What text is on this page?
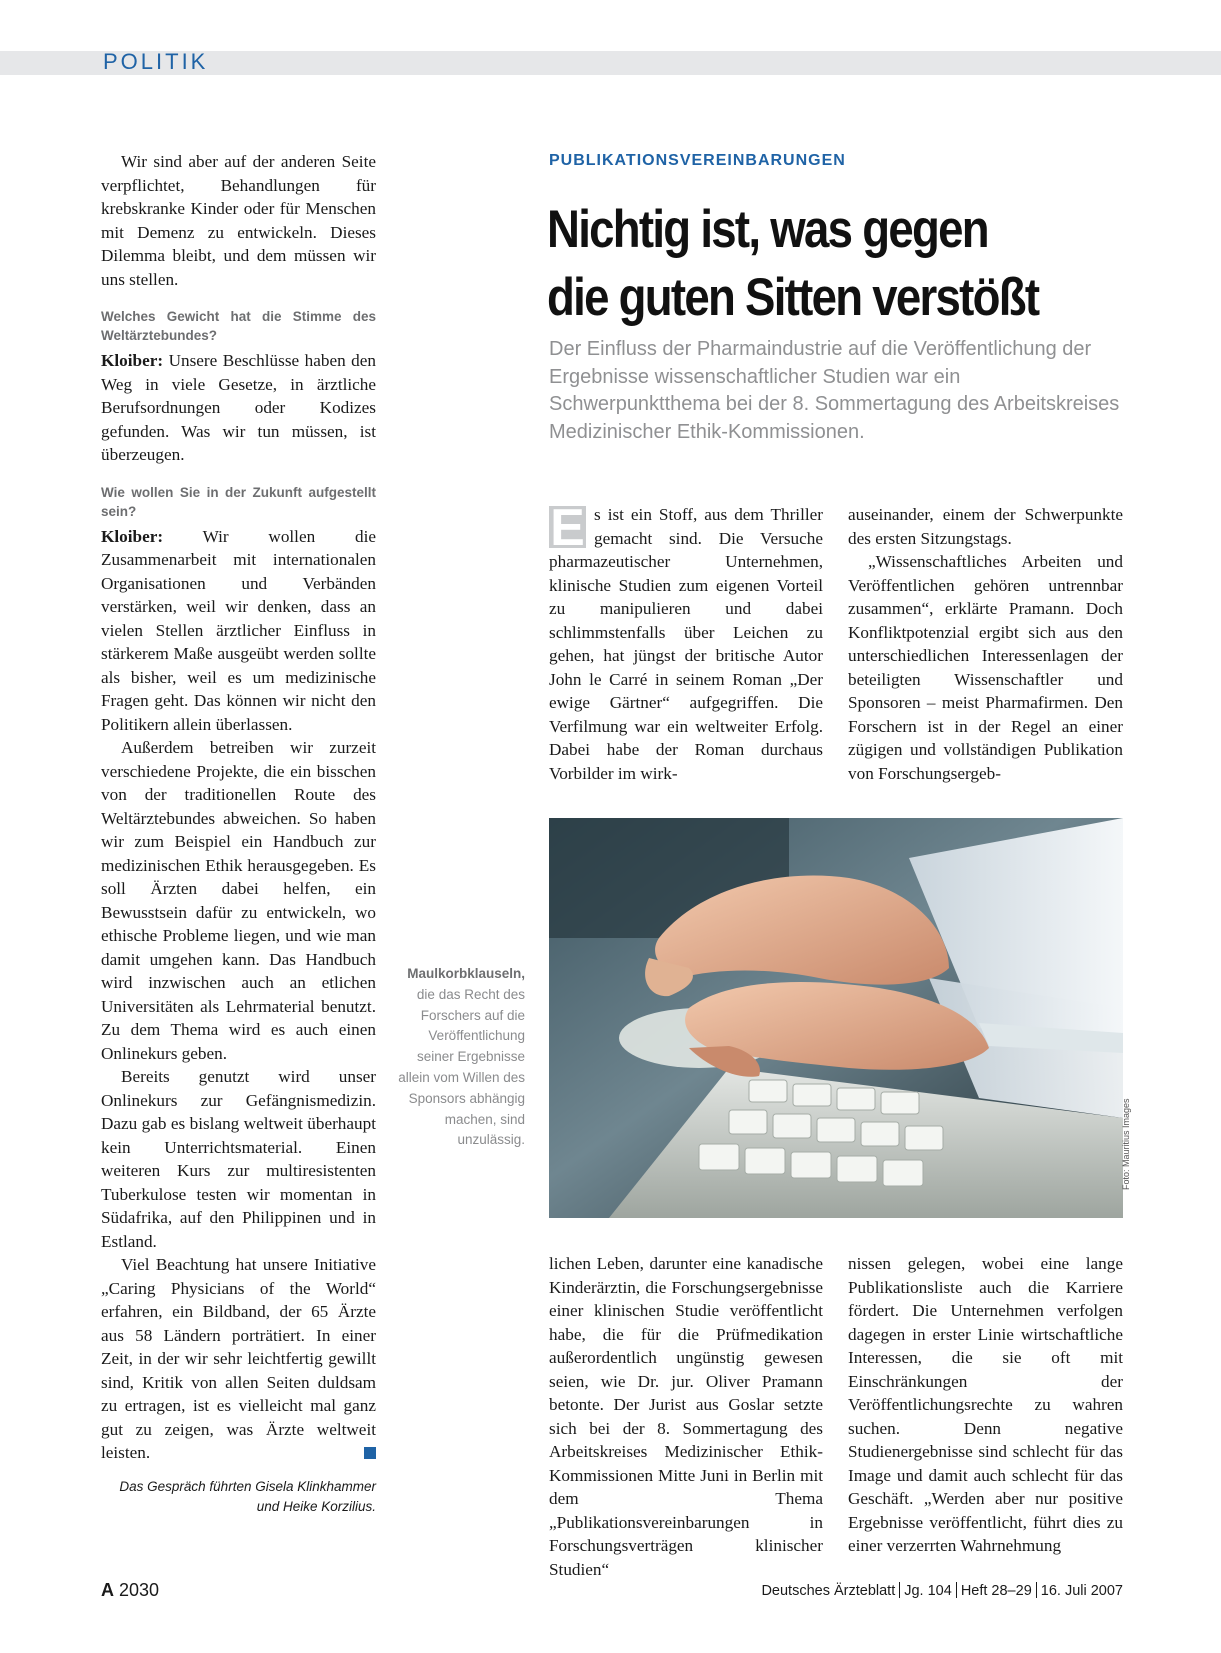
POLITIK

Wir sind aber auf der anderen Seite verpflichtet, Behandlungen für krebskranke Kinder oder für Menschen mit Demenz zu entwickeln. Dieses Dilemma bleibt, und dem müssen wir uns stellen.

Welches Gewicht hat die Stimme des Weltärztebundes?

Kloiber: Unsere Beschlüsse haben den Weg in viele Gesetze, in ärztliche Berufsordnungen oder Kodizes gefunden. Was wir tun müssen, ist überzeugen.

Wie wollen Sie in der Zukunft aufgestellt sein?

Kloiber: Wir wollen die Zusammenarbeit mit internationalen Organisationen und Verbänden verstärken, weil wir denken, dass an vielen Stellen ärztlicher Einfluss in stärkerem Maße ausgeübt werden sollte als bisher, weil es um medizinische Fragen geht. Das können wir nicht den Politikern allein überlassen.

Außerdem betreiben wir zurzeit verschiedene Projekte, die ein bisschen von der traditionellen Route des Weltärztebundes abweichen. So haben wir zum Beispiel ein Handbuch zur medizinischen Ethik herausgegeben. Es soll Ärzten dabei helfen, ein Bewusstsein dafür zu entwickeln, wo ethische Probleme liegen, und wie man damit umgehen kann. Das Handbuch wird inzwischen auch an etlichen Universitäten als Lehrmaterial benutzt. Zu dem Thema wird es auch einen Onlinekurs geben.

Bereits genutzt wird unser Onlinekurs zur Gefängnismedizin. Dazu gab es bislang weltweit überhaupt kein Unterrichtsmaterial. Einen weiteren Kurs zur multiresistenten Tuberkulose testen wir momentan in Südafrika, auf den Philippinen und in Estland.

Viel Beachtung hat unsere Initiative „Caring Physicians of the World“ erfahren, ein Bildband, der 65 Ärzte aus 58 Ländern porträtiert. In einer Zeit, in der wir sehr leichtfertig gewillt sind, Kritik von allen Seiten duldsam zu ertragen, ist es vielleicht mal ganz gut zu zeigen, was Ärzte weltweit leisten.

Das Gespräch führten Gisela Klinkhammer
und Heike Korzilius.
PUBLIKATIONSVEREINBARUNGEN
Nichtig ist, was gegen
die guten Sitten verstößt

Der Einfluss der Pharmaindustrie auf die Veröffentlichung der Ergebnisse wissenschaftlicher Studien war ein Schwerpunktthema bei der 8. Sommertagung des Arbeitskreises Medizinischer Ethik-Kommissionen.

E s ist ein Stoff, aus dem Thriller gemacht sind. Die Versuche pharmazeutischer Unternehmen, klinische Studien zum eigenen Vorteil zu manipulieren und dabei schlimmstenfalls über Leichen zu gehen, hat jüngst der britische Autor John le Carré in seinem Roman „Der ewige Gärtner“ aufgegriffen. Die Verfilmung war ein weltweiter Erfolg. Dabei habe der Roman durchaus Vorbilder im wirk-

auseinander, einem der Schwerpunkte des ersten Sitzungstags.

„Wissenschaftliches Arbeiten und Veröffentlichen gehören untrennbar zusammen“, erklärte Pramann. Doch Konfliktpotenzial ergibt sich aus den unterschiedlichen Interessenlagen der beteiligten Wissenschaftler und Sponsoren – meist Pharmafirmen. Den Forschern ist in der Regel an einer zügigen und vollständigen Publikation von Forschungsergeb-

Foto: Mauritius Images
Maulkorbklauseln, die das Recht des Forschers auf die Veröffentlichung seiner Ergebnisse allein vom Willen des Sponsors abhängig machen, sind unzulässig.

lichen Leben, darunter eine kanadische Kinderärztin, die Forschungsergebnisse einer klinischen Studie veröffentlicht habe, die für die Prüfmedikation außerordentlich ungünstig gewesen seien, wie Dr. jur. Oliver Pramann betonte. Der Jurist aus Goslar setzte sich bei der 8. Sommertagung des Arbeitskreises Medizinischer Ethik-Kommissionen Mitte Juni in Berlin mit dem Thema „Publikationsvereinbarungen in Forschungsverträgen klinischer Studien“

nissen gelegen, wobei eine lange Publikationsliste auch die Karriere fördert. Die Unternehmen verfolgen dagegen in erster Linie wirtschaftliche Interessen, die sie oft mit Einschränkungen der Veröffentlichungsrechte zu wahren suchen. Denn negative Studienergebnisse sind schlecht für das Image und damit auch schlecht für das Geschäft. „Werden aber nur positive Ergebnisse veröffentlicht, führt dies zu einer verzerrten Wahrnehmung

A 2030	Deutsches Ärzteblatt Jg. 104 Heft 28–29 16. Juli 2007
